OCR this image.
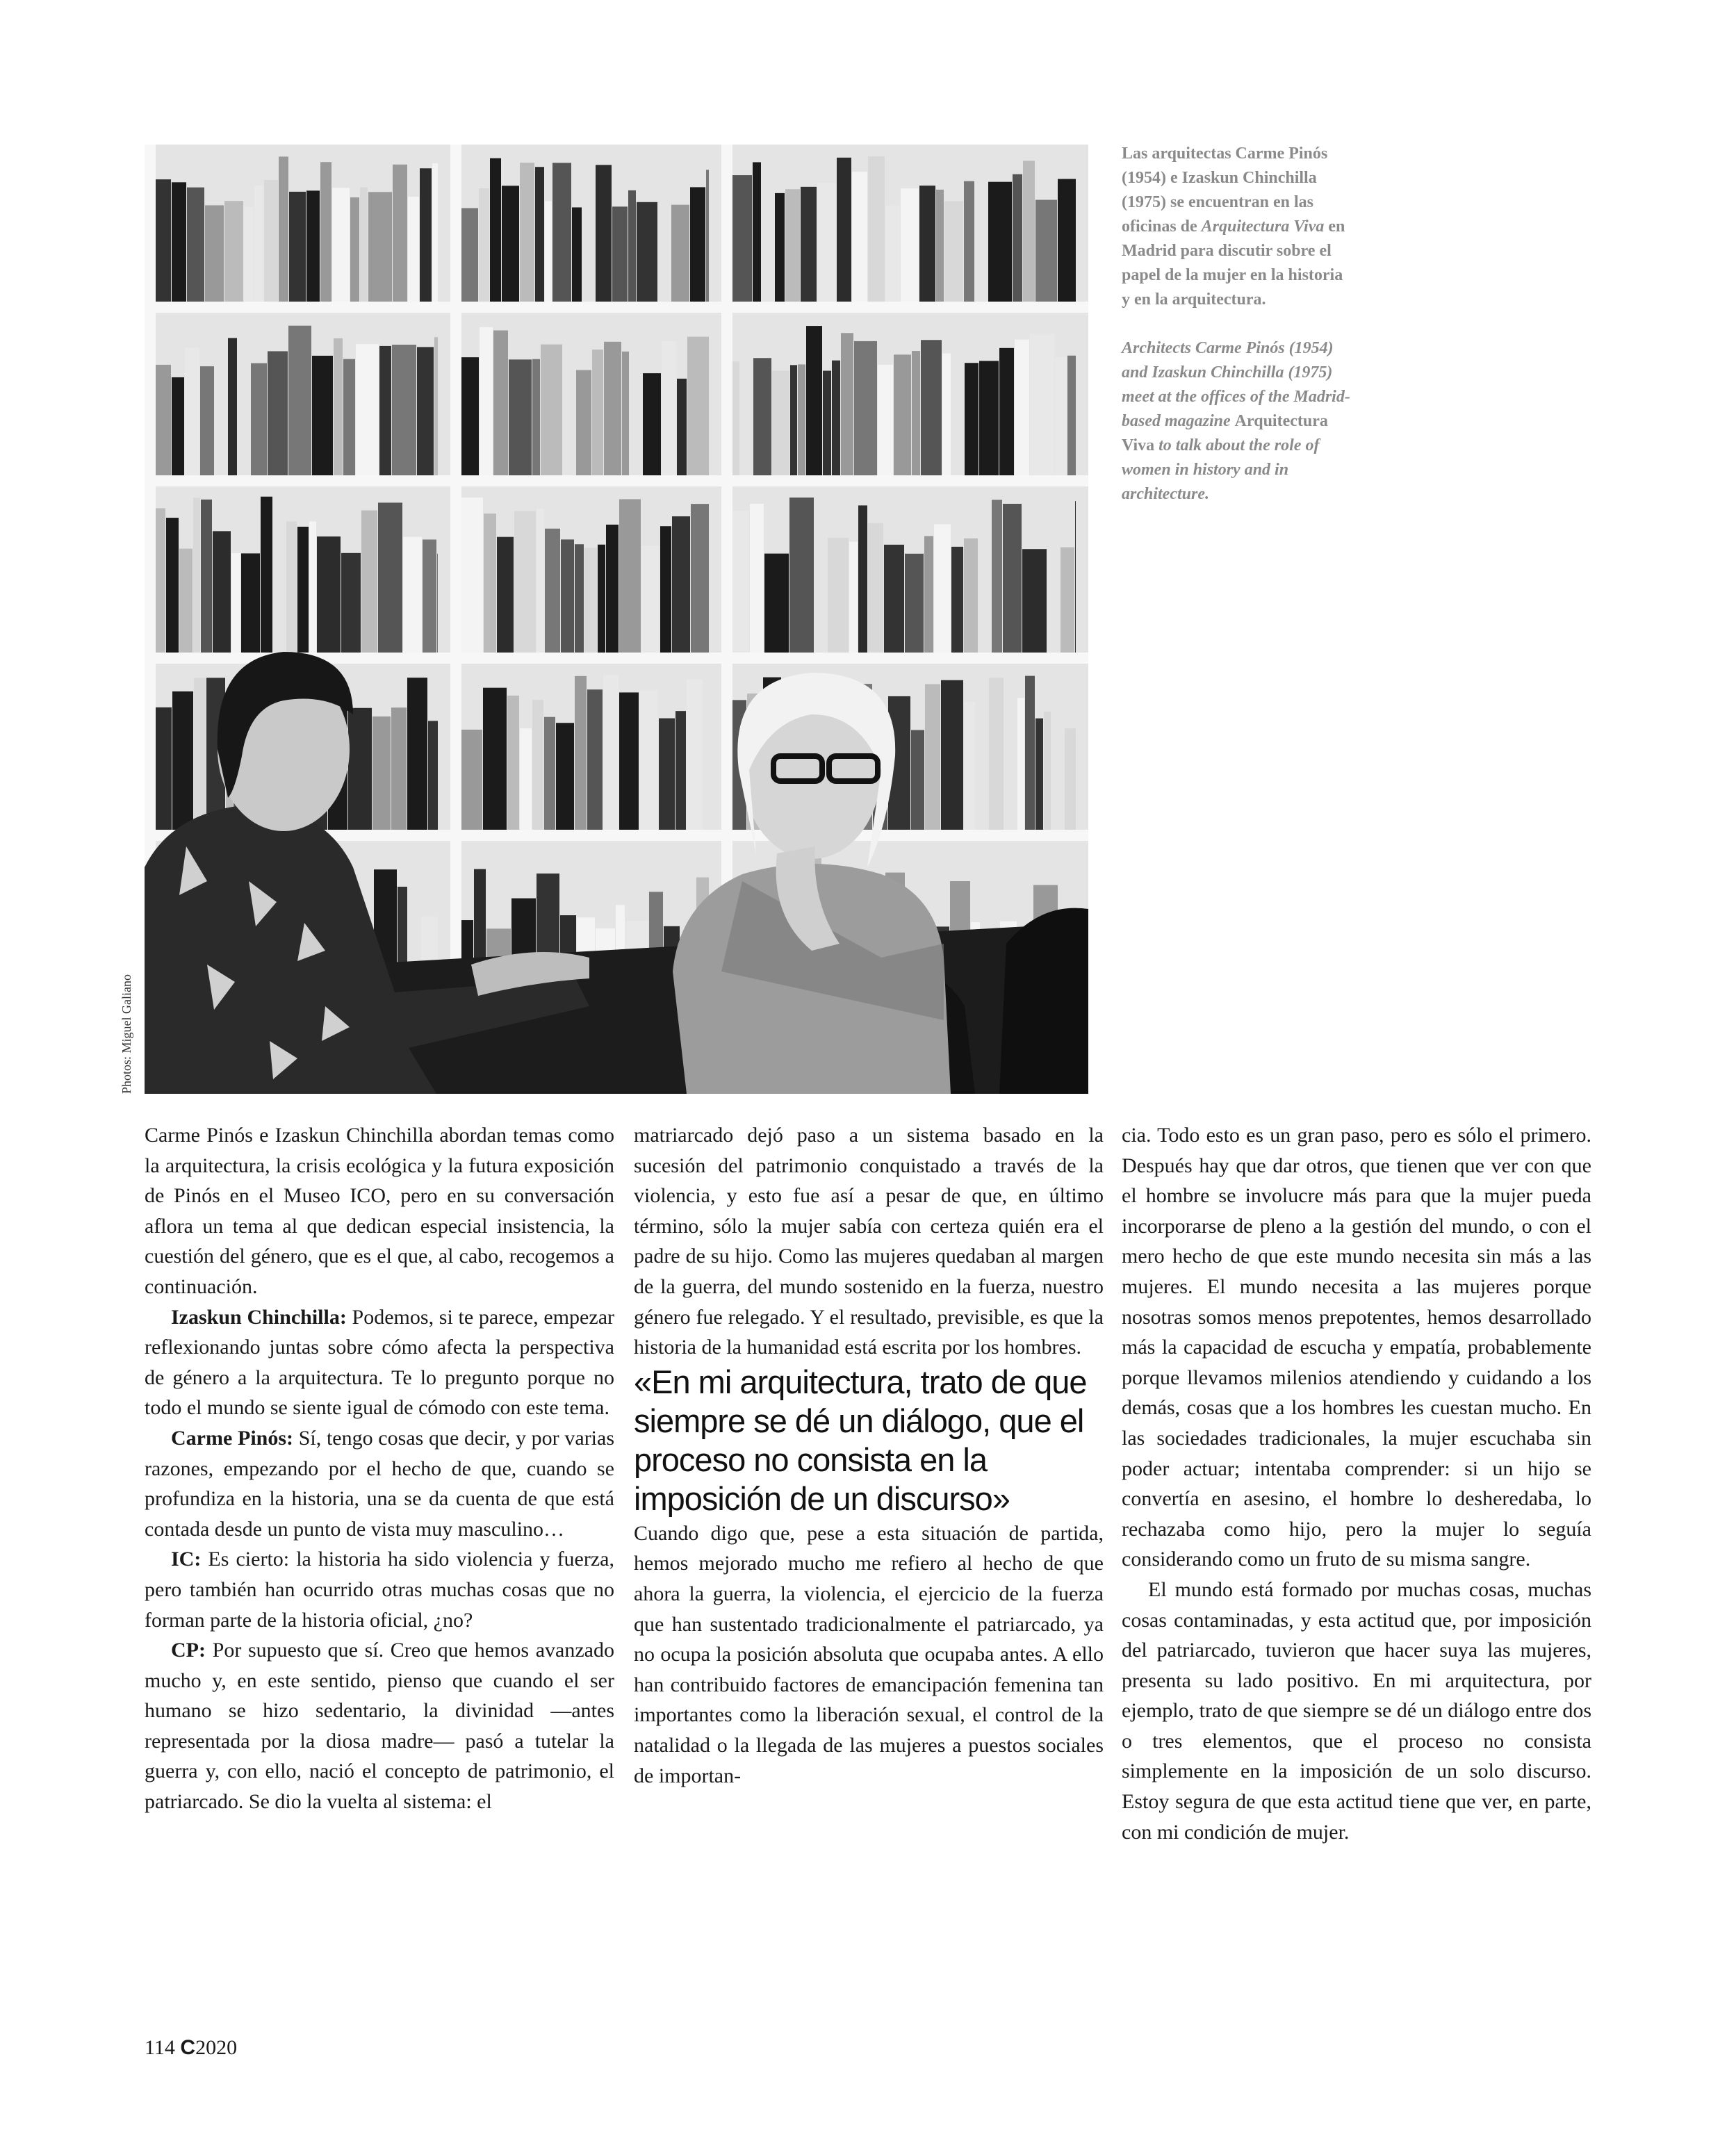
Photos: Miguel Galiano

Las arquitectas Carme Pinós (1954) e Izaskun Chinchilla (1975) se encuentran en las oficinas de Arquitectura Viva en Madrid para discutir sobre el papel de la mujer en la historia y en la arquitectura.

Architects Carme Pinós (1954) and Izaskun Chinchilla (1975) meet at the offices of the Madrid-based magazine Arquitectura Viva to talk about the role of women in history and in architecture.

Carme Pinós e Izaskun Chinchilla abordan temas como la arquitectura, la crisis ecológica y la futura exposición de Pinós en el Museo ICO, pero en su conversación aflora un tema al que dedican especial insistencia, la cuestión del género, que es el que, al cabo, recogemos a continuación.

Izaskun Chinchilla: Podemos, si te parece, empezar reflexionando juntas sobre cómo afecta la perspectiva de género a la arquitectura. Te lo pregunto porque no todo el mundo se siente igual de cómodo con este tema.

Carme Pinós: Sí, tengo cosas que decir, y por varias razones, empezando por el hecho de que, cuando se profundiza en la historia, una se da cuenta de que está contada desde un punto de vista muy masculino…

IC: Es cierto: la historia ha sido violencia y fuerza, pero también han ocurrido otras muchas cosas que no forman parte de la historia oficial, ¿no?

CP: Por supuesto que sí. Creo que hemos avanzado mucho y, en este sentido, pienso que cuando el ser humano se hizo sedentario, la divinidad —antes representada por la diosa madre— pasó a tutelar la guerra y, con ello, nació el concepto de patrimonio, el patriarcado. Se dio la vuelta al sistema: el

matriarcado dejó paso a un sistema basado en la sucesión del patrimonio conquistado a través de la violencia, y esto fue así a pesar de que, en último término, sólo la mujer sabía con certeza quién era el padre de su hijo. Como las mujeres quedaban al margen de la guerra, del mundo sostenido en la fuerza, nuestro género fue relegado. Y el resultado, previsible, es que la historia de la humanidad está escrita por los hombres.

«En mi arquitectura, trato de que siempre se dé un diálogo, que el proceso no consista en la imposición de un discurso»

Cuando digo que, pese a esta situación de partida, hemos mejorado mucho me refiero al hecho de que ahora la guerra, la violencia, el ejercicio de la fuerza que han sustentado tradicionalmente el patriarcado, ya no ocupa la posición absoluta que ocupaba antes. A ello han contribuido factores de emancipación femenina tan importantes como la liberación sexual, el control de la natalidad o la llegada de las mujeres a puestos sociales de importan-

cia. Todo esto es un gran paso, pero es sólo el primero. Después hay que dar otros, que tienen que ver con que el hombre se involucre más para que la mujer pueda incorporarse de pleno a la gestión del mundo, o con el mero hecho de que este mundo necesita sin más a las mujeres. El mundo necesita a las mujeres porque nosotras somos menos prepotentes, hemos desarrollado más la capacidad de escucha y empatía, probablemente porque llevamos milenios atendiendo y cuidando a los demás, cosas que a los hombres les cuestan mucho. En las sociedades tradicionales, la mujer escuchaba sin poder actuar; intentaba comprender: si un hijo se convertía en asesino, el hombre lo desheredaba, lo rechazaba como hijo, pero la mujer lo seguía considerando como un fruto de su misma sangre.

El mundo está formado por muchas cosas, muchas cosas contaminadas, y esta actitud que, por imposición del patriarcado, tuvieron que hacer suya las mujeres, presenta su lado positivo. En mi arquitectura, por ejemplo, trato de que siempre se dé un diálogo entre dos o tres elementos, que el proceso no consista simplemente en la imposición de un solo discurso. Estoy segura de que esta actitud tiene que ver, en parte, con mi condición de mujer.

114 C2020
